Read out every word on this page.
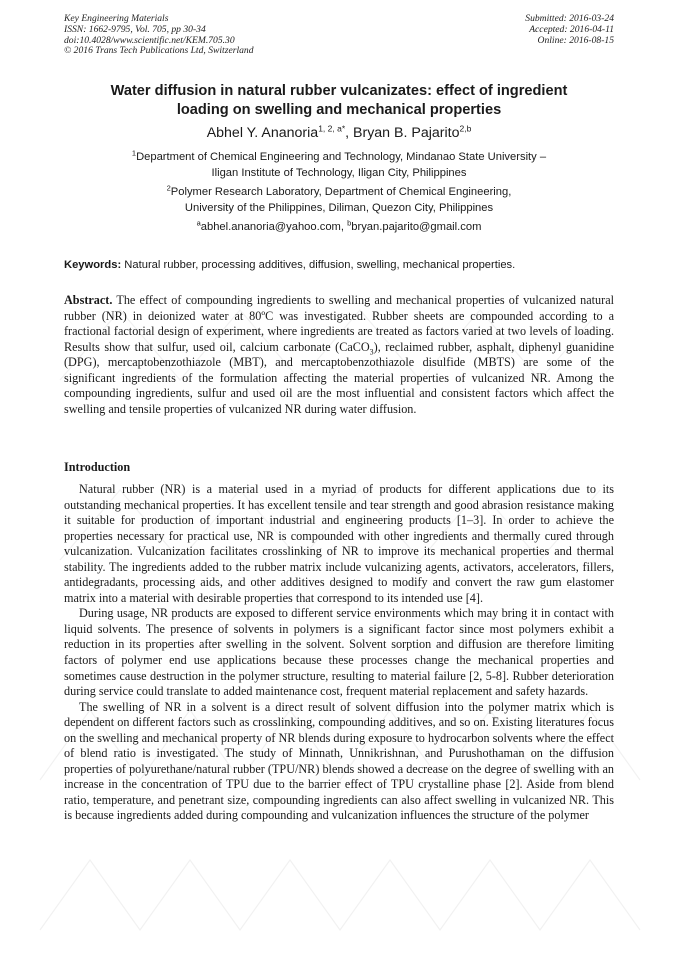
Key Engineering Materials
ISSN: 1662-9795, Vol. 705, pp 30-34
doi:10.4028/www.scientific.net/KEM.705.30
© 2016 Trans Tech Publications Ltd, Switzerland
Submitted: 2016-03-24
Accepted: 2016-04-11
Online: 2016-08-15
Water diffusion in natural rubber vulcanizates: effect of ingredient
loading on swelling and mechanical properties
Abhel Y. Ananoria$^{1, 2, a*}$, Bryan B. Pajarito$^{2,b}$
$^1$Department of Chemical Engineering and Technology, Mindanao State University –
Iligan Institute of Technology, Iligan City, Philippines
$^2$Polymer Research Laboratory, Department of Chemical Engineering,
University of the Philippines, Diliman, Quezon City, Philippines
$^a$abhel.ananoria@yahoo.com, $^b$bryan.pajarito@gmail.com
Keywords: Natural rubber, processing additives, diffusion, swelling, mechanical properties.

Abstract. The effect of compounding ingredients to swelling and mechanical properties of vulcanized natural rubber (NR) in deionized water at 80ºC was investigated. Rubber sheets are compounded according to a fractional factorial design of experiment, where ingredients are treated as factors varied at two levels of loading. Results show that sulfur, used oil, calcium carbonate (CaCO$_3$), reclaimed rubber, asphalt, diphenyl guanidine (DPG), mercaptobenzothiazole (MBT), and mercaptobenzothiazole disulfide (MBTS) are some of the significant ingredients of the formulation affecting the material properties of vulcanized NR. Among the compounding ingredients, sulfur and used oil are the most influential and consistent factors which affect the swelling and tensile properties of vulcanized NR during water diffusion.

Introduction

Natural rubber (NR) is a material used in a myriad of products for different applications due to its outstanding mechanical properties. It has excellent tensile and tear strength and good abrasion resistance making it suitable for production of important industrial and engineering products [1–3]. In order to achieve the properties necessary for practical use, NR is compounded with other ingredients and thermally cured through vulcanization. Vulcanization facilitates crosslinking of NR to improve its mechanical properties and thermal stability. The ingredients added to the rubber matrix include vulcanizing agents, activators, accelerators, fillers, antidegradants, processing aids, and other additives designed to modify and convert the raw gum elastomer matrix into a material with desirable properties that correspond to its intended use [4].

During usage, NR products are exposed to different service environments which may bring it in contact with liquid solvents. The presence of solvents in polymers is a significant factor since most polymers exhibit a reduction in its properties after swelling in the solvent. Solvent sorption and diffusion are therefore limiting factors of polymer end use applications because these processes change the mechanical properties and sometimes cause destruction in the polymer structure, resulting to material failure [2, 5-8]. Rubber deterioration during service could translate to added maintenance cost, frequent material replacement and safety hazards.

The swelling of NR in a solvent is a direct result of solvent diffusion into the polymer matrix which is dependent on different factors such as crosslinking, compounding additives, and so on. Existing literatures focus on the swelling and mechanical property of NR blends during exposure to hydrocarbon solvents where the effect of blend ratio is investigated. The study of Minnath, Unnikrishnan, and Purushothaman on the diffusion properties of polyurethane/natural rubber (TPU/NR) blends showed a decrease on the degree of swelling with an increase in the concentration of TPU due to the barrier effect of TPU crystalline phase [2]. Aside from blend ratio, temperature, and penetrant size, compounding ingredients can also affect swelling in vulcanized NR. This is because ingredients added during compounding and vulcanization influences the structure of the polymer
